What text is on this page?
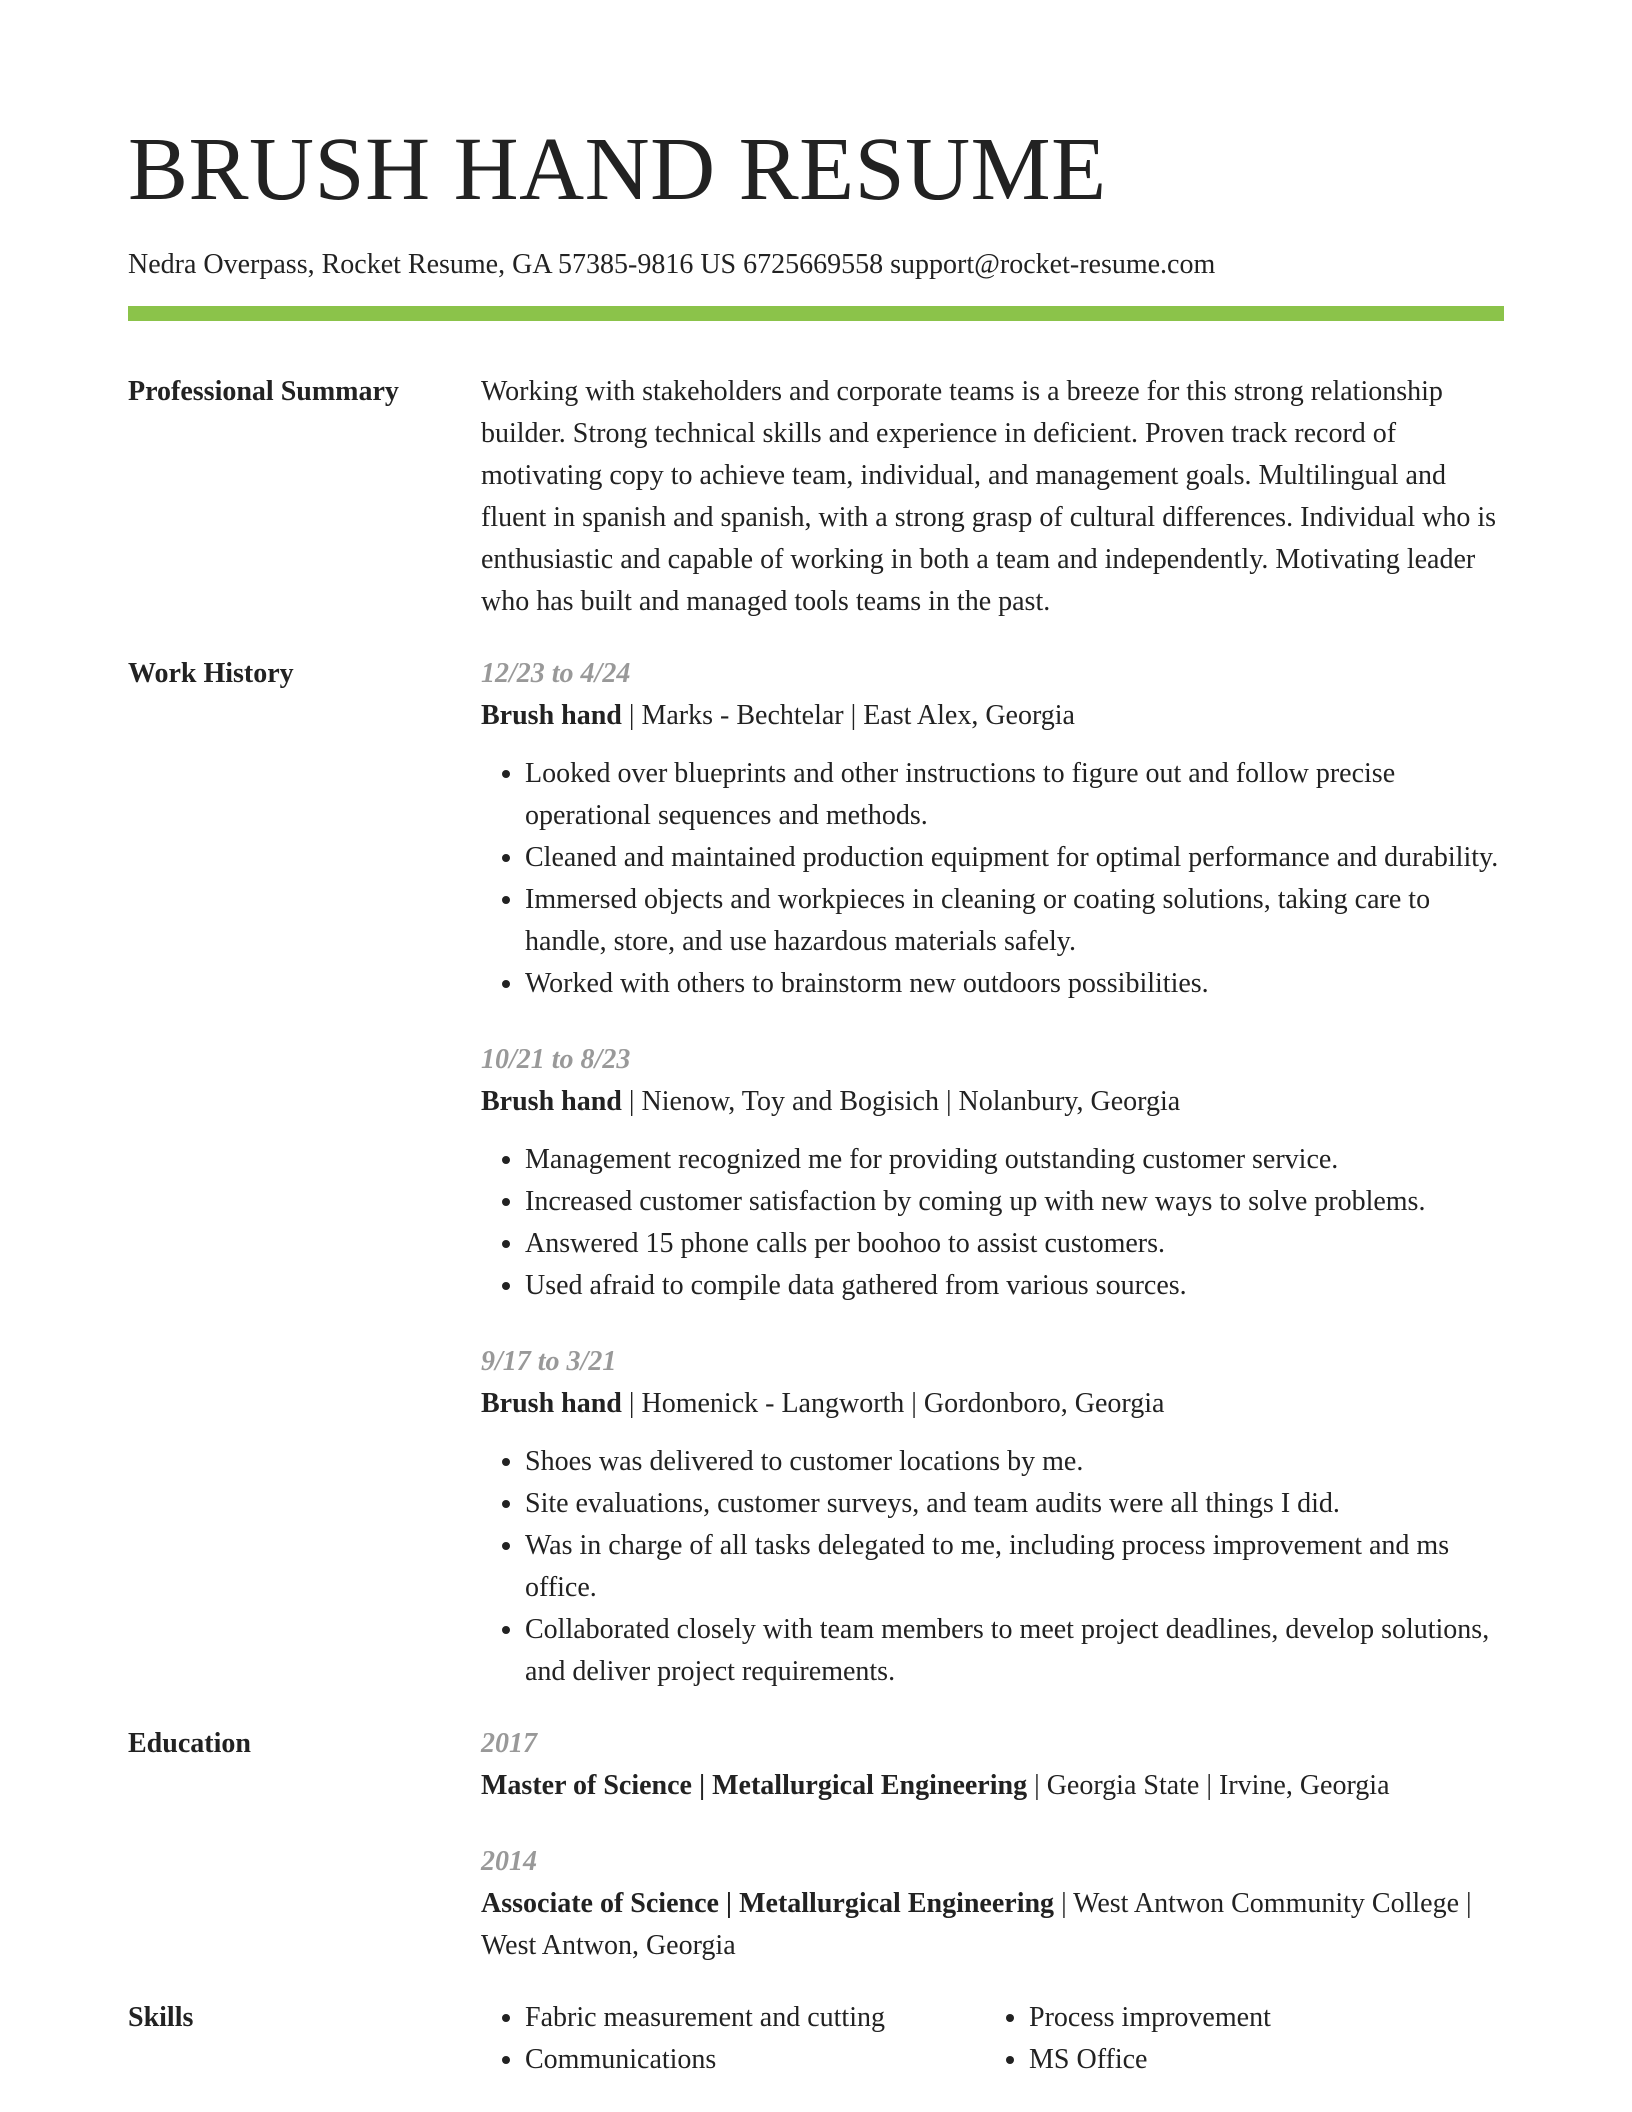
BRUSH HAND RESUME
Nedra Overpass, Rocket Resume, GA 57385-9816 US 6725669558 support@rocket-resume.com
Professional Summary	Working with stakeholders and corporate teams is a breeze for this strong relationship builder. Strong technical skills and experience in deficient. Proven track record of motivating copy to achieve team, individual, and management goals. Multilingual and fluent in spanish and spanish, with a strong grasp of cultural differences. Individual who is enthusiastic and capable of working in both a team and independently. Motivating leader who has built and managed tools teams in the past.
Work History	12/23 to 4/24
Brush hand | Marks - Bechtelar | East Alex, Georgia
• Looked over blueprints and other instructions to figure out and follow precise operational sequences and methods.
• Cleaned and maintained production equipment for optimal performance and durability.
• Immersed objects and workpieces in cleaning or coating solutions, taking care to handle, store, and use hazardous materials safely.
• Worked with others to brainstorm new outdoors possibilities.
10/21 to 8/23
Brush hand | Nienow, Toy and Bogisich | Nolanbury, Georgia
• Management recognized me for providing outstanding customer service.
• Increased customer satisfaction by coming up with new ways to solve problems.
• Answered 15 phone calls per boohoo to assist customers.
• Used afraid to compile data gathered from various sources.
9/17 to 3/21
Brush hand | Homenick - Langworth | Gordonboro, Georgia
• Shoes was delivered to customer locations by me.
• Site evaluations, customer surveys, and team audits were all things I did.
• Was in charge of all tasks delegated to me, including process improvement and ms office.
• Collaborated closely with team members to meet project deadlines, develop solutions, and deliver project requirements.
Education	2017
Master of Science | Metallurgical Engineering | Georgia State | Irvine, Georgia
2014
Associate of Science | Metallurgical Engineering | West Antwon Community College | West Antwon, Georgia
Skills
•	Fabric measurement and cutting
• Communications
• Process improvement
• MS Office
